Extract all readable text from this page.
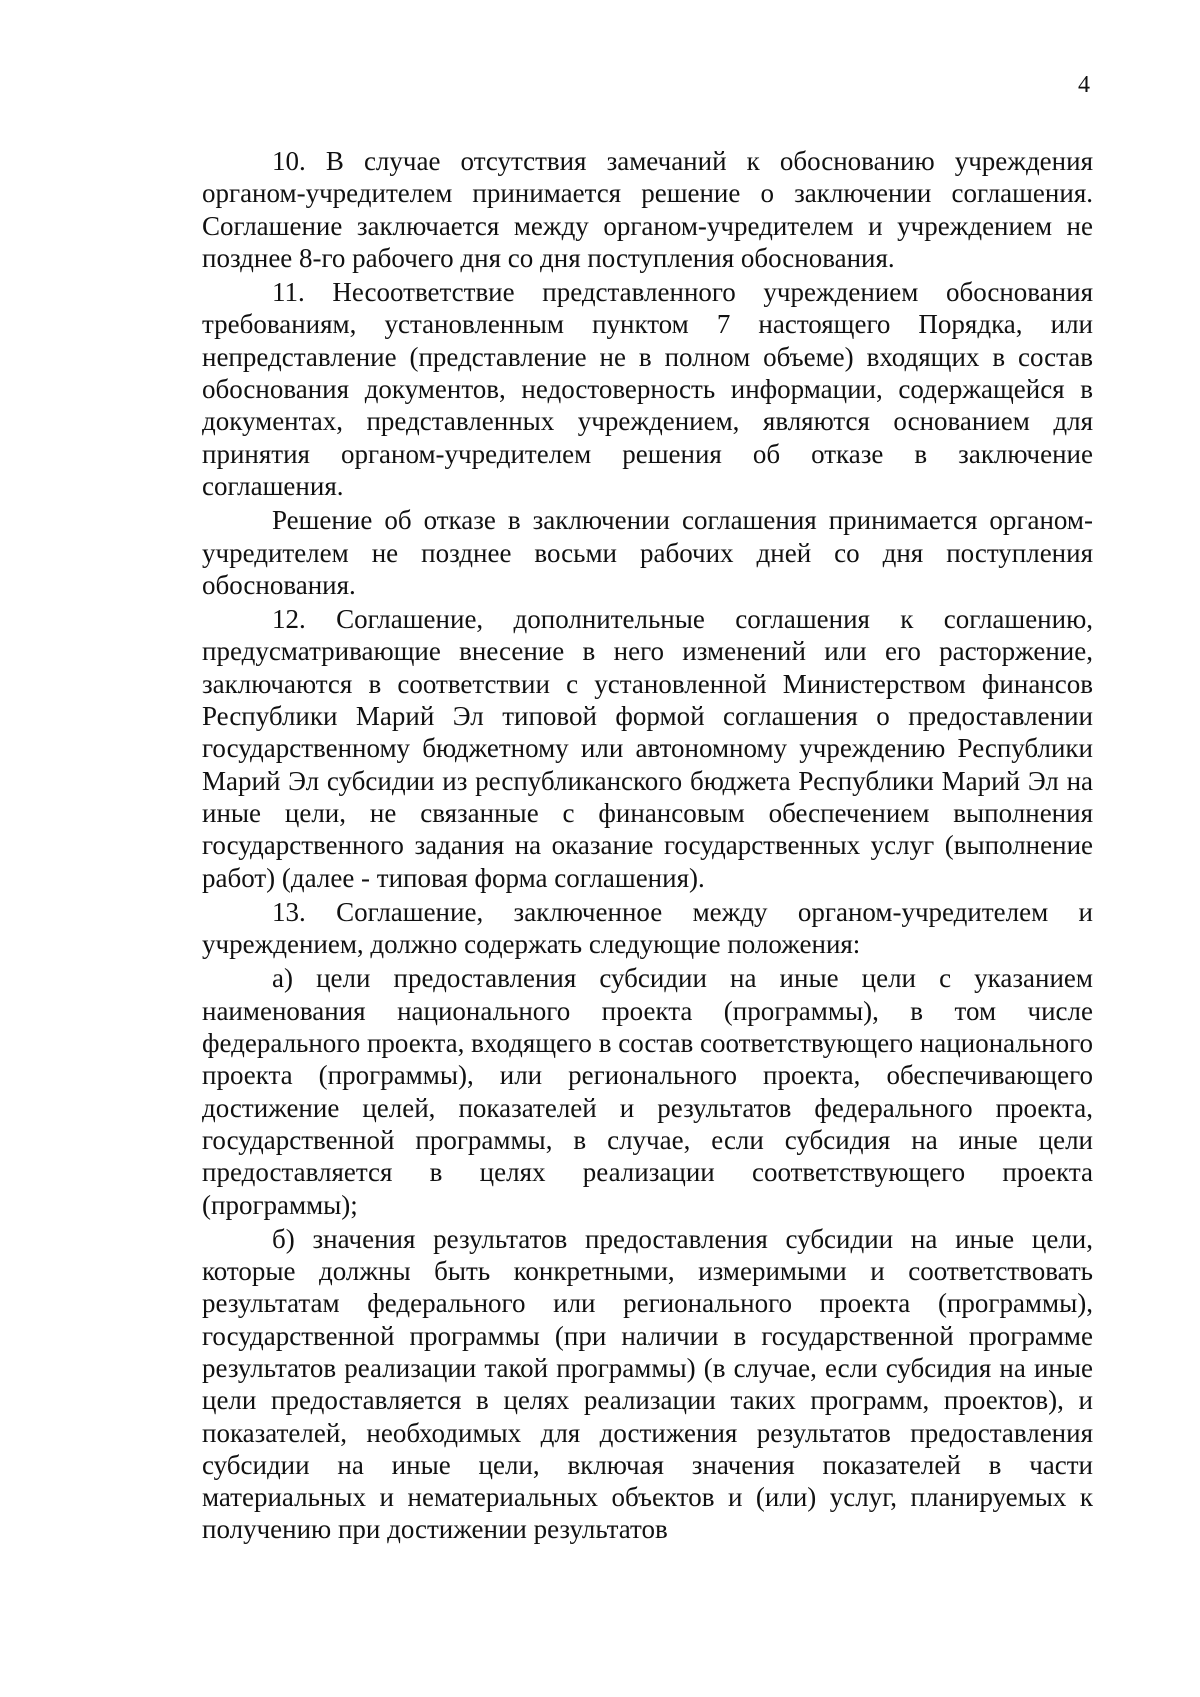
4

10. В случае отсутствия замечаний к обоснованию учреждения органом-учредителем принимается решение о заключении соглашения. Соглашение заключается между органом-учредителем и учреждением не позднее 8-го рабочего дня со дня поступления обоснования.

11. Несоответствие представленного учреждением обоснования требованиям, установленным пунктом 7 настоящего Порядка, или непредставление (представление не в полном объеме) входящих в состав обоснования документов, недостоверность информации, содержащейся в документах, представленных учреждением, являются основанием для принятия органом-учредителем решения об отказе в заключение соглашения.

Решение об отказе в заключении соглашения принимается органом-учредителем не позднее восьми рабочих дней со дня поступления обоснования.

12. Соглашение, дополнительные соглашения к соглашению, предусматривающие внесение в него изменений или его расторжение, заключаются в соответствии с установленной Министерством финансов Республики Марий Эл типовой формой соглашения о предоставлении государственному бюджетному или автономному учреждению Республики Марий Эл субсидии из республиканского бюджета Республики Марий Эл на иные цели, не связанные с финансовым обеспечением выполнения государственного задания на оказание государственных услуг (выполнение работ) (далее - типовая форма соглашения).

13. Соглашение, заключенное между органом-учредителем и учреждением, должно содержать следующие положения:

а) цели предоставления субсидии на иные цели с указанием наименования национального проекта (программы), в том числе федерального проекта, входящего в состав соответствующего национального проекта (программы), или регионального проекта, обеспечивающего достижение целей, показателей и результатов федерального проекта, государственной программы, в случае, если субсидия на иные цели предоставляется в целях реализации соответствующего проекта (программы);

б) значения результатов предоставления субсидии на иные цели, которые должны быть конкретными, измеримыми и соответствовать результатам федерального или регионального проекта (программы), государственной программы (при наличии в государственной программе результатов реализации такой программы) (в случае, если субсидия на иные цели предоставляется в целях реализации таких программ, проектов), и показателей, необходимых для достижения результатов предоставления субсидии на иные цели, включая значения показателей в части материальных и нематериальных объектов и (или) услуг, планируемых к получению при достижении результатов
